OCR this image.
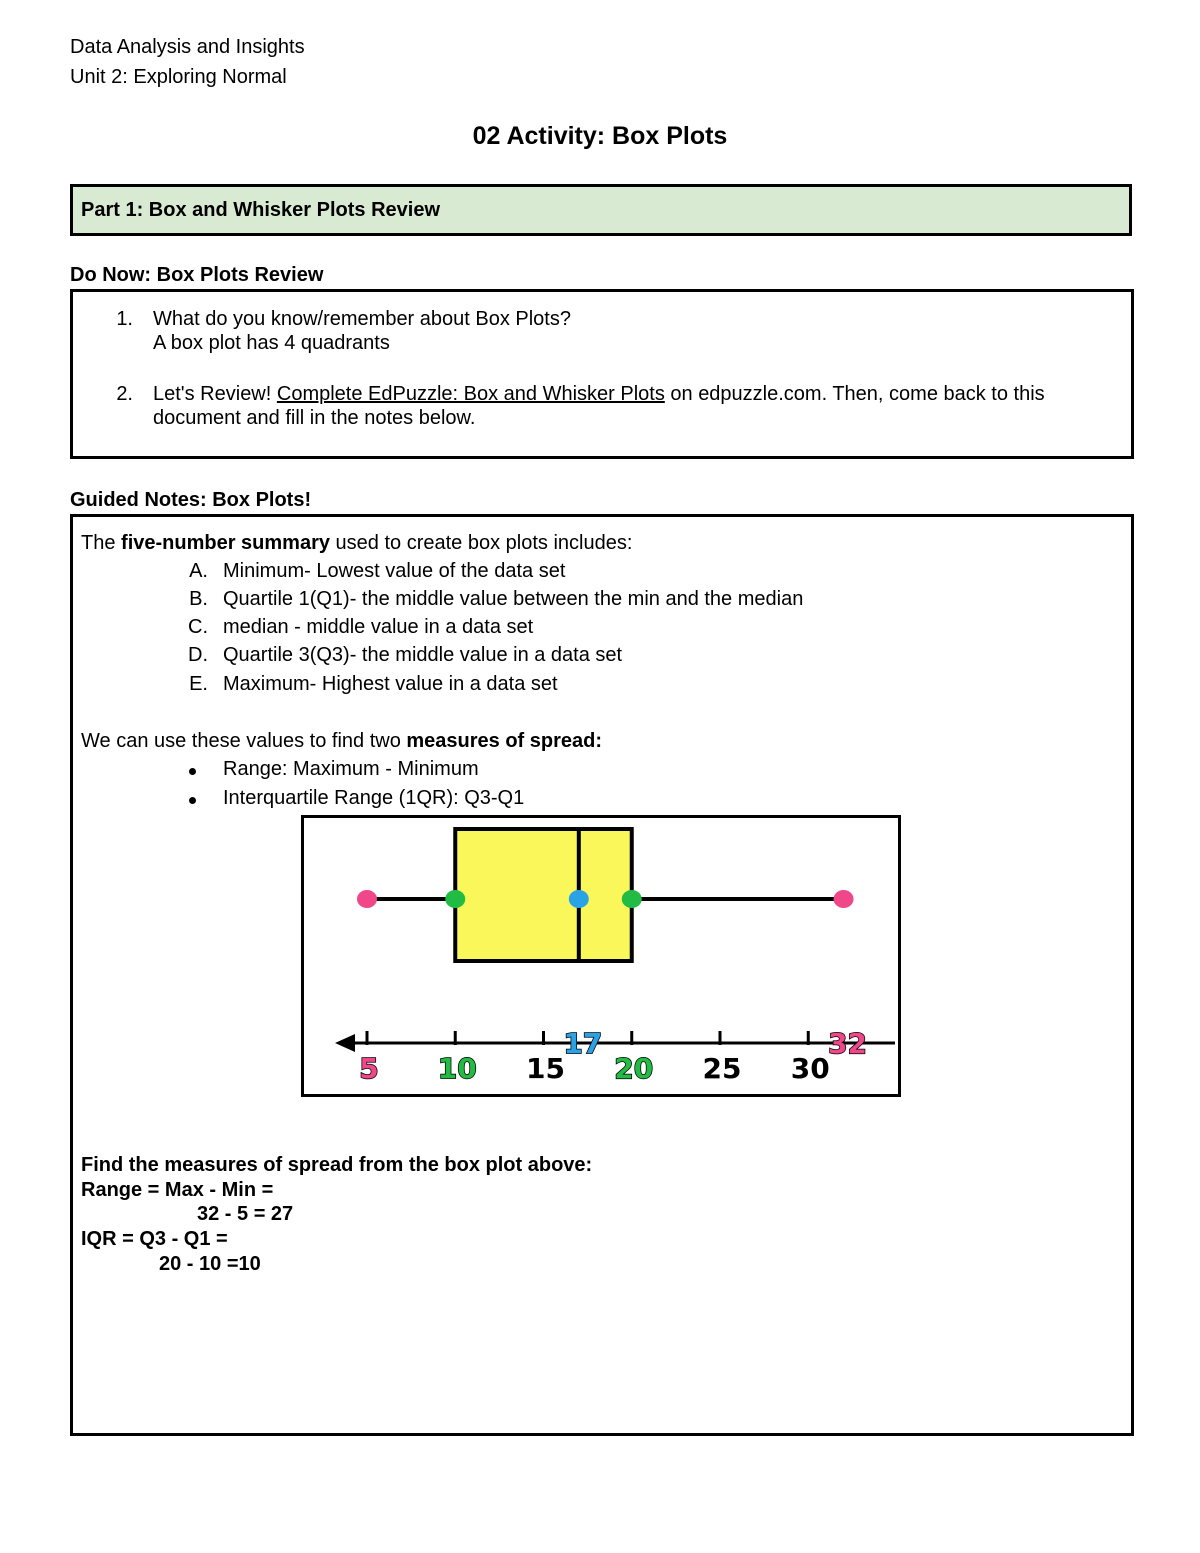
Data Analysis and Insights
Unit 2: Exploring Normal
02 Activity: Box Plots
Part 1: Box and Whisker Plots Review
Do Now: Box Plots Review
1. What do you know/remember about Box Plots?
A box plot has 4 quadrants
2. Let's Review! Complete EdPuzzle: Box and Whisker Plots on edpuzzle.com. Then, come back to this
document and fill in the notes below.
Guided Notes: Box Plots!
The five-number summary used to create box plots includes:
A. Minimum- Lowest value of the data set
B. Quartile 1(Q1)- the middle value between the min and the median
C. median - middle value in a data set
D. Quartile 3(Q3)- the middle value in a data set
E. Maximum- Highest value in a data set
We can use these values to find two measures of spread:
Range: Maximum - Minimum
Interquartile Range (1QR): Q3-Q1
5 10 15 20 25 30
17	32
Find the measures of spread from the box plot above:
Range = Max - Min =
32 - 5 = 27
IQR = Q3 - Q1 =
20 - 10 =10
